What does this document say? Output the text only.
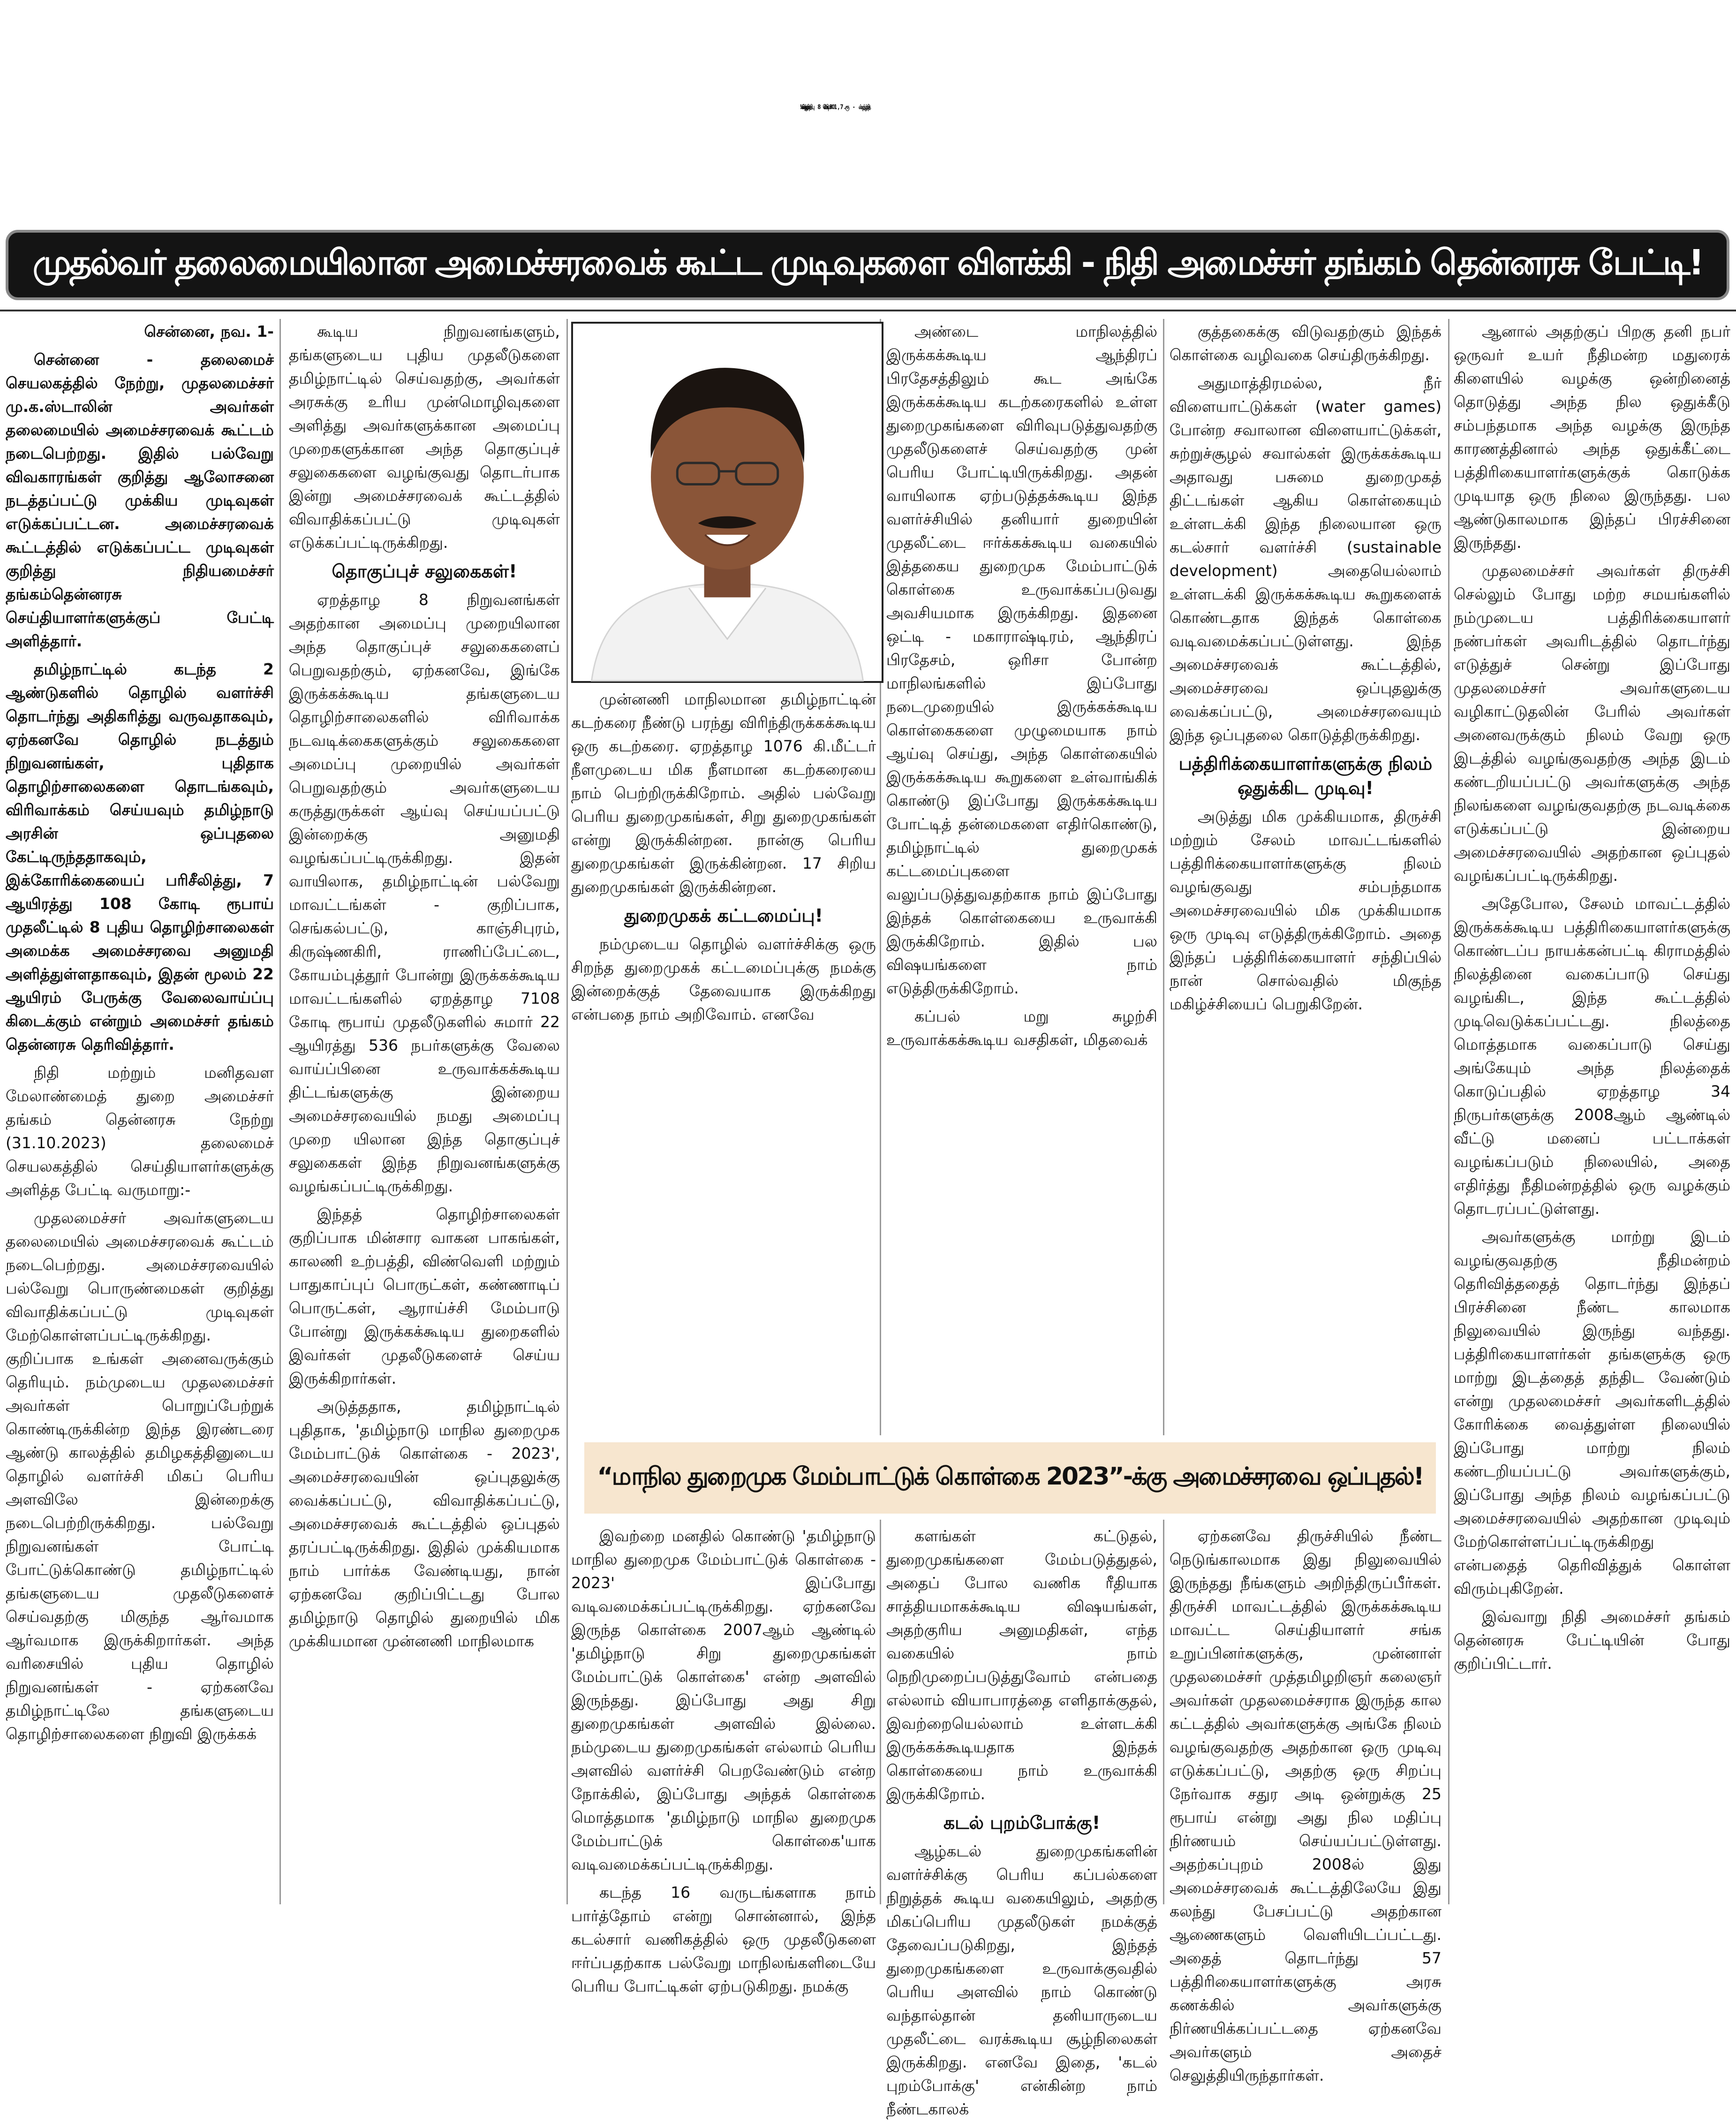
முதல்வர் தலைமையிலான அமைச்சரவைக் கூட்ட முடிவுகளை விளக்கி - நிதி அமைச்சர் தங்கம் தென்னரசு பேட்டி!

சென்னை, நவ. 1-

சென்னை - தலைமைச் செயலகத்தில் நேற்று, முதலமைச்சர் மு.க.ஸ்டாலின் அவர்கள் தலைமையில் அமைச்சரவைக் கூட்டம் நடைபெற்றது. இதில் பல்வேறு விவகாரங்கள் குறித்து ஆலோசனை நடத்தப்பட்டு முக்கிய முடிவுகள் எடுக்கப்பட்டன. அமைச்சரவைக் கூட்டத்தில் எடுக்கப்பட்ட முடிவுகள் குறித்து நிதியமைச்சர் தங்கம்தென்னரசு செய்தியாளர்களுக்குப் பேட்டி அளித்தார்.

தமிழ்நாட்டில் கடந்த 2 ஆண்டுகளில் தொழில் வளர்ச்சி தொடர்ந்து அதிகரித்து வருவதாகவும், ஏற்கனவே தொழில் நடத்தும் நிறுவனங்கள், புதிதாக தொழிற்சாலைகளை தொடங்கவும், விரிவாக்கம் செய்யவும் தமிழ்நாடு அரசின் ஒப்புதலை கேட்டிருந்ததாகவும், இக்கோரிக்கையைப் பரிசீலித்து, 7 ஆயிரத்து 108 கோடி ரூபாய் முதலீட்டில் 8 புதிய தொழிற்சாலைகள் அமைக்க அமைச்சரவை அனுமதி அளித்துள்ளதாகவும், இதன் மூலம் 22 ஆயிரம் பேருக்கு வேலைவாய்ப்பு கிடைக்கும் என்றும் அமைச்சர் தங்கம் தென்னரசு தெரிவித்தார்.

நிதி மற்றும் மனிதவள மேலாண்மைத் துறை அமைச்சர் தங்கம் தென்னரசு நேற்று (31.10.2023) தலைமைச் செயலகத்தில் செய்தியாளர்களுக்கு அளித்த பேட்டி வருமாறு:-

முதலமைச்சர் அவர்களுடைய தலைமையில் அமைச்சரவைக் கூட்டம் நடைபெற்றது. அமைச்சரவையில் பல்வேறு பொருண்மைகள் குறித்து விவாதிக்கப்பட்டு முடிவுகள் மேற்கொள்ளப்பட்டிருக்கிறது. குறிப்பாக உங்கள் அனைவருக்கும் தெரியும். நம்முடைய முதலமைச்சர் அவர்கள் பொறுப்பேற்றுக் கொண்டிருக்கின்ற இந்த இரண்டரை ஆண்டு காலத்தில் தமிழகத்தினுடைய தொழில் வளர்ச்சி மிகப் பெரிய அளவிலே இன்றைக்கு நடைபெற்றிருக்கிறது. பல்வேறு நிறுவனங்கள் போட்டி போட்டுக்கொண்டு தமிழ்நாட்டில் தங்களுடைய முதலீடுகளைச் செய்வதற்கு மிகுந்த ஆர்வமாக ஆர்வமாக இருக்கிறார்கள். அந்த வரிசையில் புதிய தொழில் நிறுவனங்கள் - ஏற்கனவே தமிழ்நாட்டிலே தங்களுடைய தொழிற்சாலைகளை நிறுவி இருக்கக்

கூடிய நிறுவனங்களும், தங்களுடைய புதிய முதலீடுகளை தமிழ்நாட்டில் செய்வதற்கு, அவர்கள் அரசுக்கு உரிய முன்மொழிவுகளை அளித்து அவர்களுக்கான அமைப்பு முறைகளுக்கான அந்த தொகுப்புச் சலுகைகளை வழங்குவது தொடர்பாக இன்று அமைச்சரவைக் கூட்டத்தில் விவாதிக்கப்பட்டு முடிவுகள் எடுக்கப்பட்டிருக்கிறது.

தொகுப்புச் சலுகைகள்!

ஏறத்தாழ 8 நிறுவனங்கள் அதற்கான அமைப்பு முறையிலான அந்த தொகுப்புச் சலுகைகளைப் பெறுவதற்கும், ஏற்கனவே, இங்கே இருக்கக்கூடிய தங்களுடைய தொழிற்சாலைகளில் விரிவாக்க நடவடிக்கைகளுக்கும் சலுகைகளை அமைப்பு முறையில் அவர்கள் பெறுவதற்கும் அவர்களுடைய கருத்துருக்கள் ஆய்வு செய்யப்பட்டு இன்றைக்கு அனுமதி வழங்கப்பட்டிருக்கிறது. இதன் வாயிலாக, தமிழ்நாட்டின் பல்வேறு மாவட்டங்கள் - குறிப்பாக, செங்கல்பட்டு, காஞ்சிபுரம், கிருஷ்ணகிரி, ராணிப்பேட்டை, கோயம்புத்தூர் போன்று இருக்கக்கூடிய மாவட்டங்களில் ஏறத்தாழ 7108 கோடி ரூபாய் முதலீடுகளில் சுமார் 22 ஆயிரத்து 536 நபர்களுக்கு வேலை வாய்ப்பினை உருவாக்கக்கூடிய திட்டங்களுக்கு இன்றைய அமைச்சரவையில் நமது அமைப்பு முறை யிலான இந்த தொகுப்புச் சலுகைகள் இந்த நிறுவனங்களுக்கு வழங்கப்பட்டிருக்கிறது.

இந்தத் தொழிற்சாலைகள் குறிப்பாக மின்சார வாகன பாகங்கள், காலணி உற்பத்தி, விண்வெளி மற்றும் பாதுகாப்புப் பொருட்கள், கண்ணாடிப் பொருட்கள், ஆராய்ச்சி மேம்பாடு போன்று இருக்கக்கூடிய துறைகளில் இவர்கள் முதலீடுகளைச் செய்ய இருக்கிறார்கள்.

அடுத்ததாக, தமிழ்நாட்டில் புதிதாக, 'தமிழ்நாடு மாநில துறைமுக மேம்பாட்டுக் கொள்கை - 2023', அமைச்சரவையின் ஒப்புதலுக்கு வைக்கப்பட்டு, விவாதிக்கப்பட்டு, அமைச்சரவைக் கூட்டத்தில் ஒப்புதல் தரப்பட்டிருக்கிறது. இதில் முக்கியமாக நாம் பார்க்க வேண்டியது, நான் ஏற்கனவே குறிப்பிட்டது போல தமிழ்நாடு தொழில் துறையில் மிக முக்கியமான முன்னணி மாநிலமாக

முன்னணி மாநிலமான தமிழ்நாட்டின் கடற்கரை நீண்டு பரந்து விரிந்திருக்கக்கூடிய ஒரு கடற்கரை. ஏறத்தாழ 1076 கி.மீட்டர் நீளமுடைய மிக நீளமான கடற்கரையை நாம் பெற்றிருக்கிறோம். அதில் பல்வேறு பெரிய துறைமுகங்கள், சிறு துறைமுகங்கள் என்று இருக்கின்றன. நான்கு பெரிய துறைமுகங்கள் இருக்கின்றன. 17 சிறிய துறைமுகங்கள் இருக்கின்றன.

துறைமுகக் கட்டமைப்பு!

நம்முடைய தொழில் வளர்ச்சிக்கு ஒரு சிறந்த துறைமுகக் கட்டமைப்புக்கு நமக்கு இன்றைக்குத் தேவையாக இருக்கிறது என்பதை நாம் அறிவோம். எனவே

அண்டை மாநிலத்தில் இருக்கக்கூடிய ஆந்திரப் பிரதேசத்திலும் கூட அங்கே இருக்கக்கூடிய கடற்கரைகளில் உள்ள துறைமுகங்களை விரிவுபடுத்துவதற்கு முதலீடுகளைச் செய்வதற்கு முன் பெரிய போட்டியிருக்கிறது. அதன் வாயிலாக ஏற்படுத்தக்கூடிய இந்த வளர்ச்சியில் தனியார் துறையின் முதலீட்டை ஈர்க்கக்கூடிய வகையில் இத்தகைய துறைமுக மேம்பாட்டுக் கொள்கை உருவாக்கப்படுவது அவசியமாக இருக்கிறது. இதனை ஒட்டி - மகாராஷ்டிரம், ஆந்திரப் பிரதேசம், ஒரிசா போன்ற மாநிலங்களில் இப்போது நடைமுறையில் இருக்கக்கூடிய கொள்கைகளை முழுமையாக நாம் ஆய்வு செய்து, அந்த கொள்கையில் இருக்கக்கூடிய கூறுகளை உள்வாங்கிக் கொண்டு இப்போது இருக்கக்கூடிய போட்டித் தன்மைகளை எதிர்கொண்டு, தமிழ்நாட்டில் துறைமுகக் கட்டமைப்புகளை வலுப்படுத்துவதற்காக நாம் இப்போது இந்தக் கொள்கையை உருவாக்கி இருக்கிறோம். இதில் பல விஷயங்களை நாம் எடுத்திருக்கிறோம்.

கப்பல் மறு சுழற்சி உருவாக்கக்கூடிய வசதிகள், மிதவைக்

குத்தகைக்கு விடுவதற்கும் இந்தக் கொள்கை வழிவகை செய்திருக்கிறது.

அதுமாத்திரமல்ல, நீர் விளையாட்டுக்கள் (water games) போன்ற சவாலான விளையாட்டுக்கள், சுற்றுச்சூழல் சவால்கள் இருக்கக்கூடிய அதாவது பசுமை துறைமுகத் திட்டங்கள் ஆகிய கொள்கையும் உள்ளடக்கி இந்த நிலையான ஒரு கடல்சார் வளர்ச்சி (sustainable development) அதையெல்லாம் உள்ளடக்கி இருக்கக்கூடிய கூறுகளைக் கொண்டதாக இந்தக் கொள்கை வடிவமைக்கப்பட்டுள்ளது. இந்த அமைச்சரவைக் கூட்டத்தில், அமைச்சரவை ஒப்புதலுக்கு வைக்கப்பட்டு, அமைச்சரவையும் இந்த ஒப்புதலை கொடுத்திருக்கிறது.

பத்திரிக்கையாளர்களுக்கு நிலம் ஒதுக்கிட முடிவு!

அடுத்து மிக முக்கியமாக, திருச்சி மற்றும் சேலம் மாவட்டங்களில் பத்திரிக்கையாளர்களுக்கு நிலம் வழங்குவது சம்பந்தமாக அமைச்சரவையில் மிக முக்கியமாக ஒரு முடிவு எடுத்திருக்கிறோம். அதை இந்தப் பத்திரிக்கையாளர் சந்திப்பில் நான் சொல்வதில் மிகுந்த மகிழ்ச்சியைப் பெறுகிறேன்.

ஆனால் அதற்குப் பிறகு தனி நபர் ஒருவர் உயர் நீதிமன்ற மதுரைக் கிளையில் வழக்கு ஒன்றினைத் தொடுத்து அந்த நில ஒதுக்கீடு சம்பந்தமாக அந்த வழக்கு இருந்த காரணத்தினால் அந்த ஒதுக்கீட்டை பத்திரிகையாளர்களுக்குக் கொடுக்க முடியாத ஒரு நிலை இருந்தது. பல ஆண்டுகாலமாக இந்தப் பிரச்சினை இருந்தது.

முதலமைச்சர் அவர்கள் திருச்சி செல்லும் போது மற்ற சமயங்களில் நம்முடைய பத்திரிக்கையாளர் நண்பர்கள் அவரிடத்தில் தொடர்ந்து எடுத்துச் சென்று இப்போது முதலமைச்சர் அவர்களுடைய வழிகாட்டுதலின் பேரில் அவர்கள் அனைவருக்கும் நிலம் வேறு ஒரு இடத்தில் வழங்குவதற்கு அந்த இடம் கண்டறியப்பட்டு அவர்களுக்கு அந்த நிலங்களை வழங்குவதற்கு நடவடிக்கை எடுக்கப்பட்டு இன்றைய அமைச்சரவையில் அதற்கான ஒப்புதல் வழங்கப்பட்டிருக்கிறது.

அதேபோல, சேலம் மாவட்டத்தில் இருக்கக்கூடிய பத்திரிகையாளர்களுக்கு கொண்டப்ப நாயக்கன்பட்டி கிராமத்தில் நிலத்தினை வகைப்பாடு செய்து வழங்கிட, இந்த கூட்டத்தில் முடிவெடுக்கப்பட்டது. நிலத்தை மொத்தமாக வகைப்பாடு செய்து அங்கேயும் அந்த நிலத்தைக் கொடுப்பதில் ஏறத்தாழ 34 நிருபர்களுக்கு 2008ஆம் ஆண்டில் வீட்டு மனைப் பட்டாக்கள் வழங்கப்படும் நிலையில், அதை எதிர்த்து நீதிமன்றத்தில் ஒரு வழக்கும் தொடரப்பட்டுள்ளது.

அவர்களுக்கு மாற்று இடம் வழங்குவதற்கு நீதிமன்றம் தெரிவித்ததைத் தொடர்ந்து இந்தப் பிரச்சினை நீண்ட காலமாக நிலுவையில் இருந்து வந்தது. பத்திரிகையாளர்கள் தங்களுக்கு ஒரு மாற்று இடத்தைத் தந்திட வேண்டும் என்று முதலமைச்சர் அவர்களிடத்தில் கோரிக்கை வைத்துள்ள நிலையில் இப்போது மாற்று நிலம் கண்டறியப்பட்டு அவர்களுக்கும், இப்போது அந்த நிலம் வழங்கப்பட்டு அமைச்சரவையில் அதற்கான முடிவும் மேற்கொள்ளப்பட்டிருக்கிறது என்பதைத் தெரிவித்துக் கொள்ள விரும்புகிறேன்.

இவ்வாறு நிதி அமைச்சர் தங்கம் தென்னரசு பேட்டியின் போது குறிப்பிட்டார்.

“மாநில துறைமுக மேம்பாட்டுக் கொள்கை 2023”-க்கு அமைச்சரவை ஒப்புதல்!

இவற்றை மனதில் கொண்டு 'தமிழ்நாடு மாநில துறைமுக மேம்பாட்டுக் கொள்கை - 2023' இப்போது வடிவமைக்கப்பட்டிருக்கிறது. ஏற்கனவே இருந்த கொள்கை 2007ஆம் ஆண்டில் 'தமிழ்நாடு சிறு துறைமுகங்கள் மேம்பாட்டுக் கொள்கை' என்ற அளவில் இருந்தது. இப்போது அது சிறு துறைமுகங்கள் அளவில் இல்லை. நம்முடைய துறைமுகங்கள் எல்லாம் பெரிய அளவில் வளர்ச்சி பெறவேண்டும் என்ற நோக்கில், இப்போது அந்தக் கொள்கை மொத்தமாக 'தமிழ்நாடு மாநில துறைமுக மேம்பாட்டுக் கொள்கை'யாக வடிவமைக்கப்பட்டிருக்கிறது.

கடந்த 16 வருடங்களாக நாம் பார்த்தோம் என்று சொன்னால், இந்த கடல்சார் வணிகத்தில் ஒரு முதலீடுகளை ஈர்ப்பதற்காக பல்வேறு மாநிலங்களிடையே பெரிய போட்டிகள் ஏற்படுகிறது. நமக்கு

களங்கள் கட்டுதல், துறைமுகங்களை மேம்படுத்துதல், அதைப் போல வணிக ரீதியாக சாத்தியமாகக்கூடிய விஷயங்கள், அதற்குரிய அனுமதிகள், எந்த வகையில் நாம் நெறிமுறைப்படுத்துவோம் என்பதை எல்லாம் வியாபாரத்தை எளிதாக்குதல், இவற்றையெல்லாம் உள்ளடக்கி இருக்கக்கூடியதாக இந்தக் கொள்கையை நாம் உருவாக்கி இருக்கிறோம்.

கடல் புறம்போக்கு!

ஆழ்கடல் துறைமுகங்களின் வளர்ச்சிக்கு பெரிய கப்பல்களை நிறுத்தக் கூடிய வகையிலும், அதற்கு மிகப்பெரிய முதலீடுகள் நமக்குத் தேவைப்படுகிறது, இந்தத் துறைமுகங்களை உருவாக்குவதில் பெரிய அளவில் நாம் கொண்டு வந்தால்தான் தனியாருடைய முதலீட்டை வரக்கூடிய சூழ்நிலைகள் இருக்கிறது. எனவே இதை, 'கடல் புறம்போக்கு' என்கின்ற நாம் நீண்டகாலக்

ஏற்கனவே திருச்சியில் நீண்ட நெடுங்காலமாக இது நிலுவையில் இருந்தது நீங்களும் அறிந்திருப்பீர்கள். திருச்சி மாவட்டத்தில் இருக்கக்கூடிய மாவட்ட செய்தியாளர் சங்க உறுப்பினர்களுக்கு, முன்னாள் முதலமைச்சர் முத்தமிழறிஞர் கலைஞர் அவர்கள் முதலமைச்சராக இருந்த கால கட்டத்தில் அவர்களுக்கு அங்கே நிலம் வழங்குவதற்கு அதற்கான ஒரு முடிவு எடுக்கப்பட்டு, அதற்கு ஒரு சிறப்பு நேர்வாக சதுர அடி ஒன்றுக்கு 25 ரூபாய் என்று அது நில மதிப்பு நிர்ணயம் செய்யப்பட்டுள்ளது. அதற்கப்புறம் 2008ல் இது அமைச்சரவைக் கூட்டத்திலேயே இது கலந்து பேசப்பட்டு அதற்கான ஆணைகளும் வெளியிடப்பட்டது. அதைத் தொடர்ந்து 57 பத்திரிகையாளர்களுக்கு அரசு கணக்கில் அவர்களுக்கு நிர்ணயிக்கப்பட்டதை ஏற்கனவே அவர்களும் அதைச் செலுத்தியிருந்தார்கள்.
